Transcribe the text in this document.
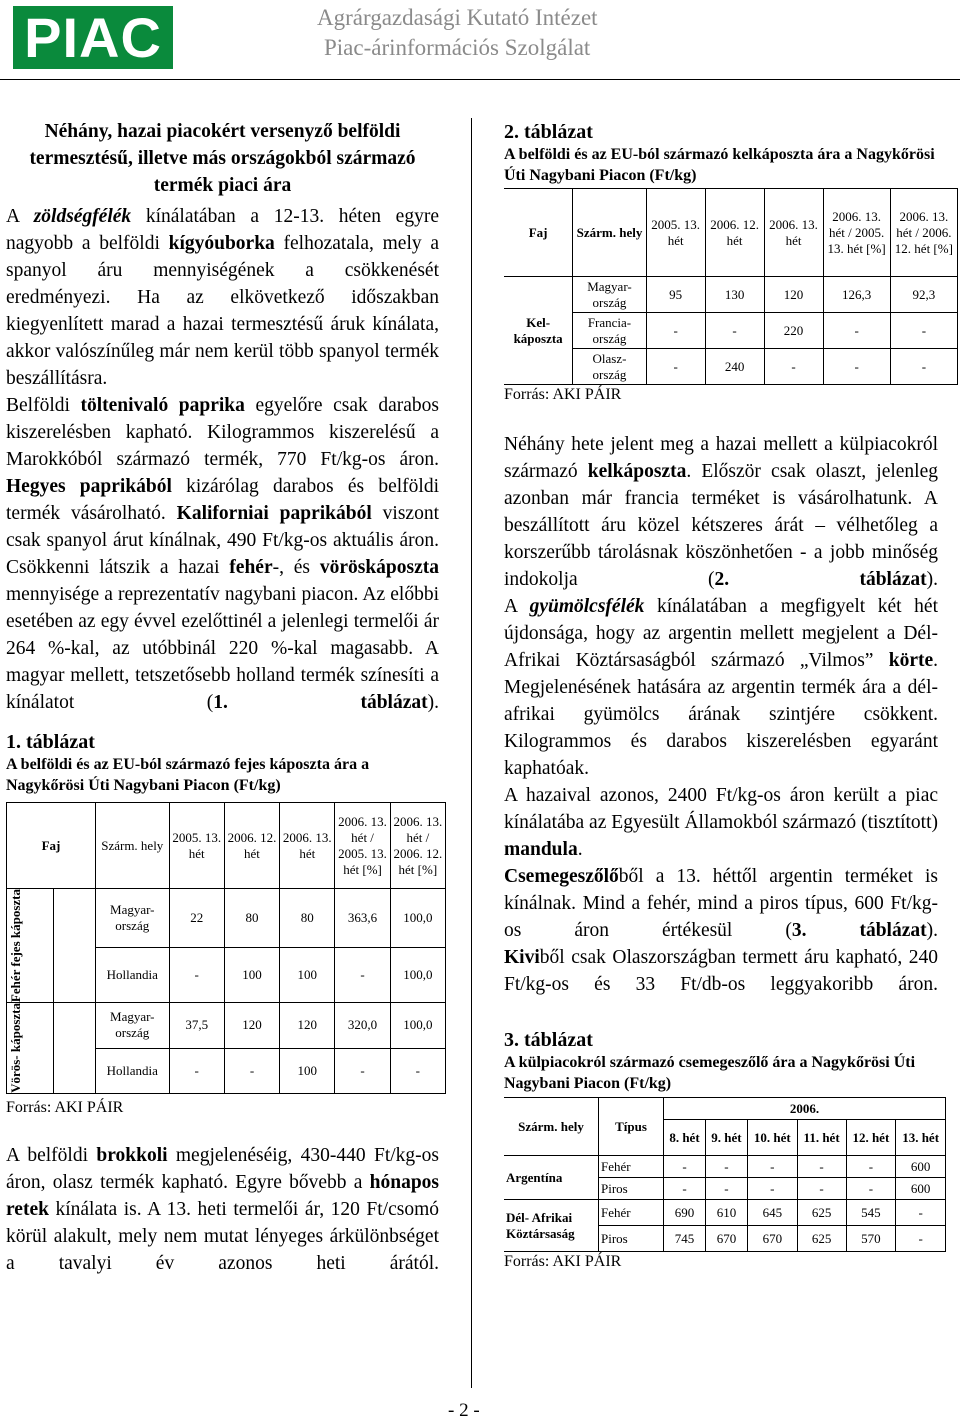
PIAC	Agrárgazdasági Kutató Intézet
Piac-árinformációs Szolgálat

Néhány, hazai piacokért versenyző belföldi termesztésű, illetve más országokból származó termék piaci ára

A zöldségfélék kínálatában a 12-13. héten egyre nagyobb a belföldi kígyóuborka felhozatala, mely a spanyol áru mennyiségének a csökkenését eredményezi. Ha az elkövetkező időszakban kiegyenlített marad a hazai termesztésű áruk kínálata, akkor valószínűleg már nem kerül több spanyol termék beszállításra.

Belföldi töltenivaló paprika egyelőre csak darabos kiszerelésben kapható. Kilogrammos kiszerelésű a Marokkóból származó termék, 770 Ft/kg-os áron. Hegyes paprikából kizárólag darabos és belföldi termék vásárolható. Kaliforniai paprikából viszont csak spanyol árut kínálnak, 490 Ft/kg-os aktuális áron.

Csökkenni látszik a hazai fehér-, és vöröskáposzta mennyisége a reprezentatív nagybani piacon. Az előbbi esetében az egy évvel ezelőttinél a jelenlegi termelői ár 264 %-kal, az utóbbinál 220 %-kal magasabb. A magyar mellett, tetszetősebb holland termék színesíti a kínálatot (1. táblázat).

1. táblázat
A belföldi és az EU-ból származó fejes káposzta ára a Nagykőrösi Úti Nagybani Piacon (Ft/kg)
Faj		Szárm. hely	2005. 13. hét	2006. 12. hét	2006. 13. hét	2006. 13. hét / 2005. 13. hét [%]	2006. 13. hét / 2006. 12. hét [%]

Fehér fejes káposzta		Magyar- ország	22	80	80	363,6	100,0
		Hollandia	-	100	100	-	100,0

Vörös- káposzta		Magyar- ország	37,5	120	120	320,0	100,0
		Hollandia	-	-	100	-	-
Forrás: AKI PÁIR

A belföldi brokkoli megjelenéséig, 430-440 Ft/kg-os áron, olasz termék kapható. Egyre bővebb a hónapos retek kínálata is. A 13. heti termelői ár, 120 Ft/csomó körül alakult, mely nem mutat lényeges árkülönbséget a tavalyi év azonos heti árától.

2. táblázat
A belföldi és az EU-ból származó kelkáposzta ára a Nagykőrösi Úti Nagybani Piacon (Ft/kg)
Faj	Szárm. hely	2005. 13. hét	2006. 12. hét	2006. 13. hét	2006. 13. hét / 2005. 13. hét [%]	2006. 13. hét / 2006. 12. hét [%]
Kel- káposzta	Magyar- ország	95	130	120	126,3	92,3
	Francia- ország	-	-	220	-	-
	Olasz- ország	-	240	-	-	-
Forrás: AKI PÁIR

Néhány hete jelent meg a hazai mellett a külpiacokról származó kelkáposzta. Először csak olaszt, jelenleg azonban már francia terméket is vásárolhatunk. A beszállított áru közel kétszeres árát – vélhetőleg a korszerűbb tárolásnak köszönhetően - a jobb minőség indokolja (2. táblázat).

A gyümölcsfélék kínálatában a megfigyelt két hét újdonsága, hogy az argentin mellett megjelent a Dél-Afrikai Köztársaságból származó „Vilmos” körte. Megjelenésének hatására az argentin termék ára a dél-afrikai gyümölcs árának szintjére csökkent. Kilogrammos és darabos kiszerelésben egyaránt kaphatóak.

A hazaival azonos, 2400 Ft/kg-os áron került a piac kínálatába az Egyesült Államokból származó (tisztított) mandula.

Csemegeszőlőből a 13. héttől argentin terméket is kínálnak. Mind a fehér, mind a piros típus, 600 Ft/kg-os áron értékesül (3. táblázat).

Kiviből csak Olaszországban termett áru kapható, 240 Ft/kg-os és 33 Ft/db-os leggyakoribb áron.

3. táblázat
A külpiacokról származó csemegeszőlő ára a Nagykőrösi Úti Nagybani Piacon (Ft/kg)
Szárm. hely	Típus	2006.					
		8. hét	9. hét	10. hét	11. hét	12. hét	13. hét
Argentína	Fehér	-	-	-	-	-	600
	Piros	-	-	-	-	-	600
Dél- Afrikai Köztársaság	Fehér	690	610	645	625	545	-
	Piros	745	670	670	625	570	-
Forrás: AKI PÁIR
- 2 -
